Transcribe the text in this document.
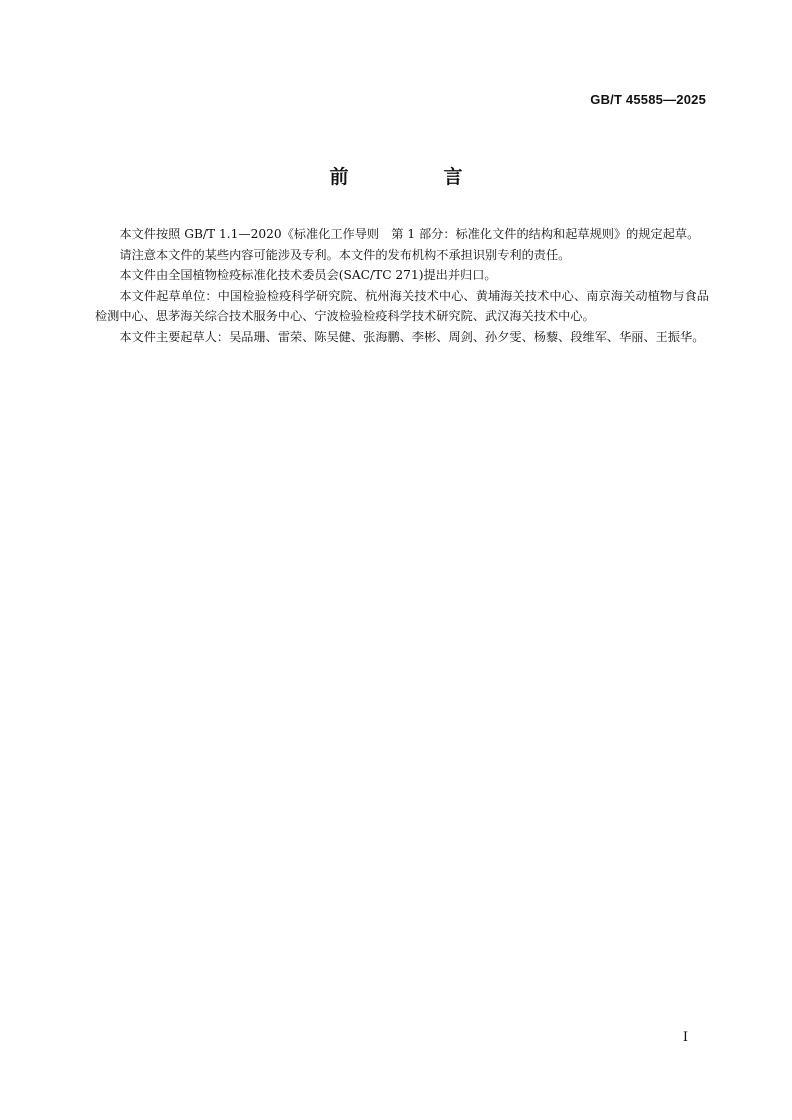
GB/T 45585—2025
前　言

本文件按照 GB/T 1.1—2020《标准化工作导则　第 1 部分：标准化文件的结构和起草规则》的规定起草。

请注意本文件的某些内容可能涉及专利。本文件的发布机构不承担识别专利的责任。

本文件由全国植物检疫标准化技术委员会(SAC/TC 271)提出并归口。

本文件起草单位：中国检验检疫科学研究院、杭州海关技术中心、黄埔海关技术中心、南京海关动植物与食品检测中心、思茅海关综合技术服务中心、宁波检验检疫科学技术研究院、武汉海关技术中心。

本文件主要起草人：吴品珊、雷荣、陈吴健、张海鹏、李彬、周剑、孙夕雯、杨藜、段维军、华丽、王振华。

I
